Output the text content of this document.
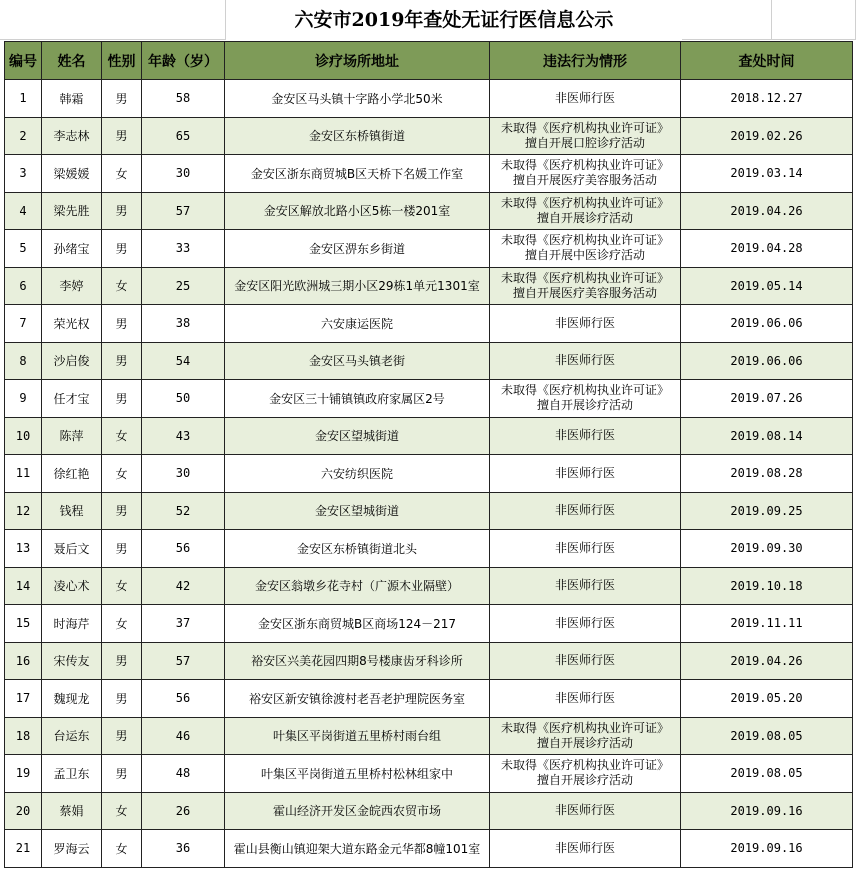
六安市2019年查处无证行医信息公示
编号	姓名	性别	年龄（岁）	诊疗场所地址	违法行为情形	查处时间
1	韩霜	男	58	金安区马头镇十字路小学北50米	非医师行医	2018.12.27
2	李志林	男	65	金安区东桥镇街道	未取得《医疗机构执业许可证》
擅自开展口腔诊疗活动	2019.02.26
3	梁媛媛	女	30	金安区浙东商贸城B区天桥下名媛工作室	未取得《医疗机构执业许可证》
擅自开展医疗美容服务活动	2019.03.14
4	梁先胜	男	57	金安区解放北路小区5栋一楼201室	未取得《医疗机构执业许可证》
擅自开展诊疗活动	2019.04.26
5	孙绪宝	男	33	金安区淠东乡街道	未取得《医疗机构执业许可证》
擅自开展中医诊疗活动	2019.04.28
6	李婷	女	25	金安区阳光欧洲城三期小区29栋1单元1301室	未取得《医疗机构执业许可证》
擅自开展医疗美容服务活动	2019.05.14
7	荣光权	男	38	六安康运医院	非医师行医	2019.06.06
8	沙启俊	男	54	金安区马头镇老街	非医师行医	2019.06.06
9	任才宝	男	50	金安区三十铺镇镇政府家属区2号	未取得《医疗机构执业许可证》
擅自开展诊疗活动	2019.07.26
10	陈萍	女	43	金安区望城街道	非医师行医	2019.08.14
11	徐红艳	女	30	六安纺织医院	非医师行医	2019.08.28
12	钱程	男	52	金安区望城街道	非医师行医	2019.09.25
13	聂后文	男	56	金安区东桥镇街道北头	非医师行医	2019.09.30
14	凌心术	女	42	金安区翁墩乡花寺村（广源木业隔壁）	非医师行医	2019.10.18
15	时海芹	女	37	金安区浙东商贸城B区商场124－217	非医师行医	2019.11.11
16	宋传友	男	57	裕安区兴美花园四期8号楼康齿牙科诊所	非医师行医	2019.04.26
17	魏现龙	男	56	裕安区新安镇徐渡村老吾老护理院医务室	非医师行医	2019.05.20
18	台运东	男	46	叶集区平岗街道五里桥村雨台组	未取得《医疗机构执业许可证》
擅自开展诊疗活动	2019.08.05
19	孟卫东	男	48	叶集区平岗街道五里桥村松林组家中	未取得《医疗机构执业许可证》
擅自开展诊疗活动	2019.08.05
20	蔡娟	女	26	霍山经济开发区金皖西农贸市场	非医师行医	2019.09.16
21	罗海云	女	36	霍山县衡山镇迎架大道东路金元华都8幢101室	非医师行医	2019.09.16
